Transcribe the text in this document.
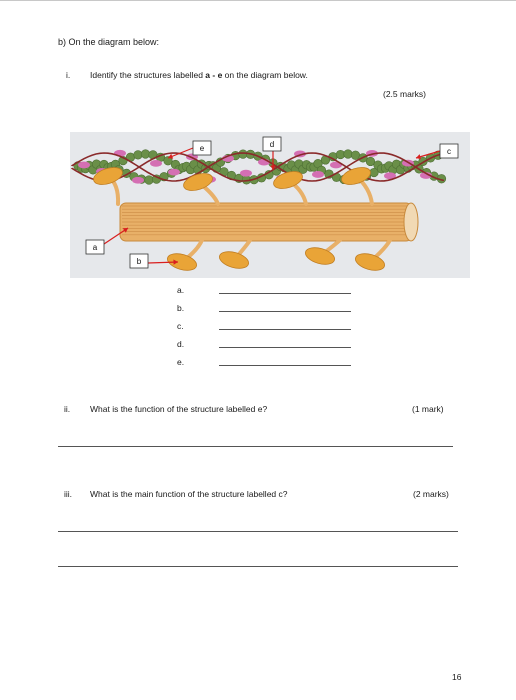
b) On the diagram below:
i. Identify the structures labelled a - e on the diagram below.
(2.5 marks)
a
b
c
d
e
a.
b.
c.
d.
e.
ii. What is the function of the structure labelled e?	(1 mark)
iii. What is the main function of the structure labelled c?	(2 marks)
16
